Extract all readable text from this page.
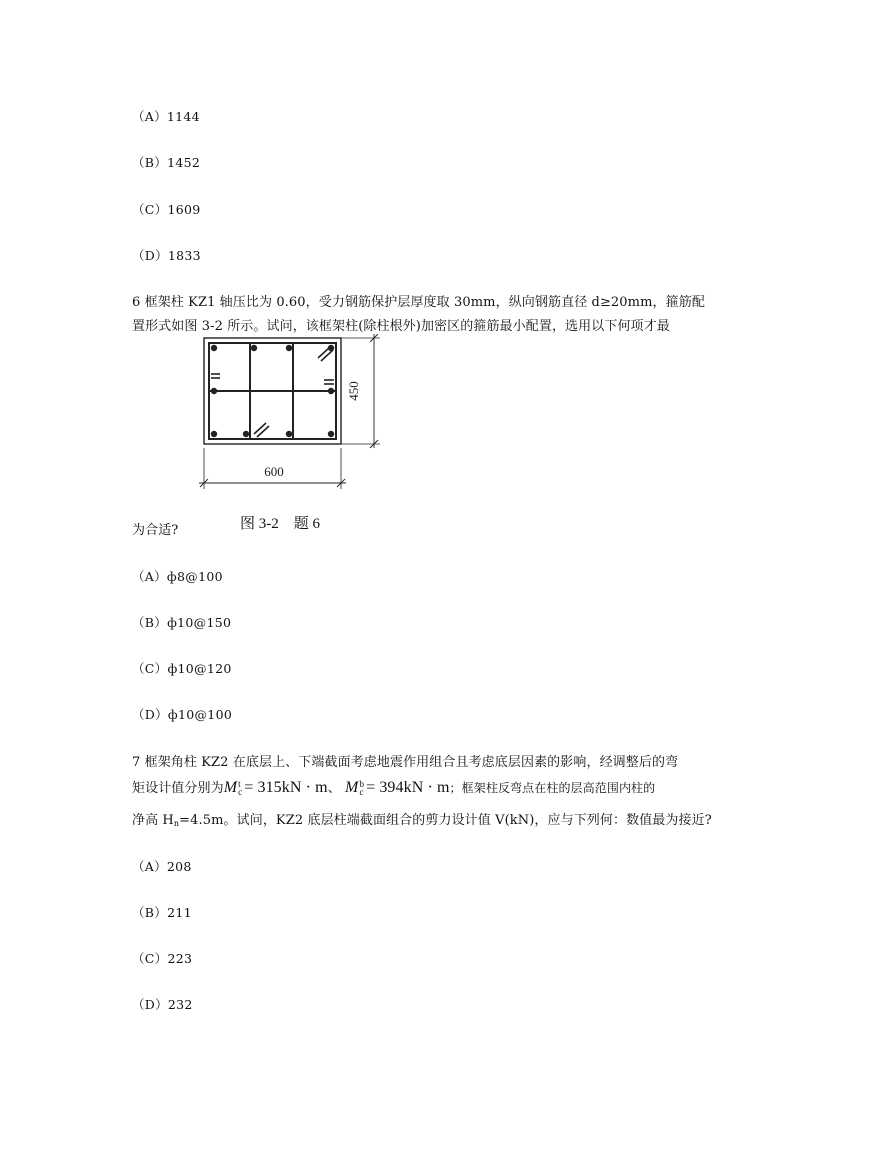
（A）1144
（B）1452
（C）1609
（D）1833
6 框架柱 KZ1 轴压比为 0.60，受力钢筋保护层厚度取 30mm，纵向钢筋直径 d≥20mm，箍筋配
置形式如图 3-2 所示。试问，该框架柱(除柱根外)加密区的箍筋最小配置，选用以下何项才最
450
600
为合适?	图 3-2　题 6
（A）ф8@100
（B）ф10@150
（C）ф10@120
（D）ф10@100
7 框架角柱 KZ2 在底层上、下端截面考虑地震作用组合且考虑底层因素的影响，经调整后的弯
矩设计值分别为Mt
c = 315kN · m、 Mb
c = 394kN · m；框架柱反弯点在柱的层高范围内柱的
净高 Hn=4.5m。试问，KZ2 底层柱端截面组合的剪力设计值 V(kN)，应与下列何：数值最为接近?
（A）208
（B）211
（C）223
（D）232
